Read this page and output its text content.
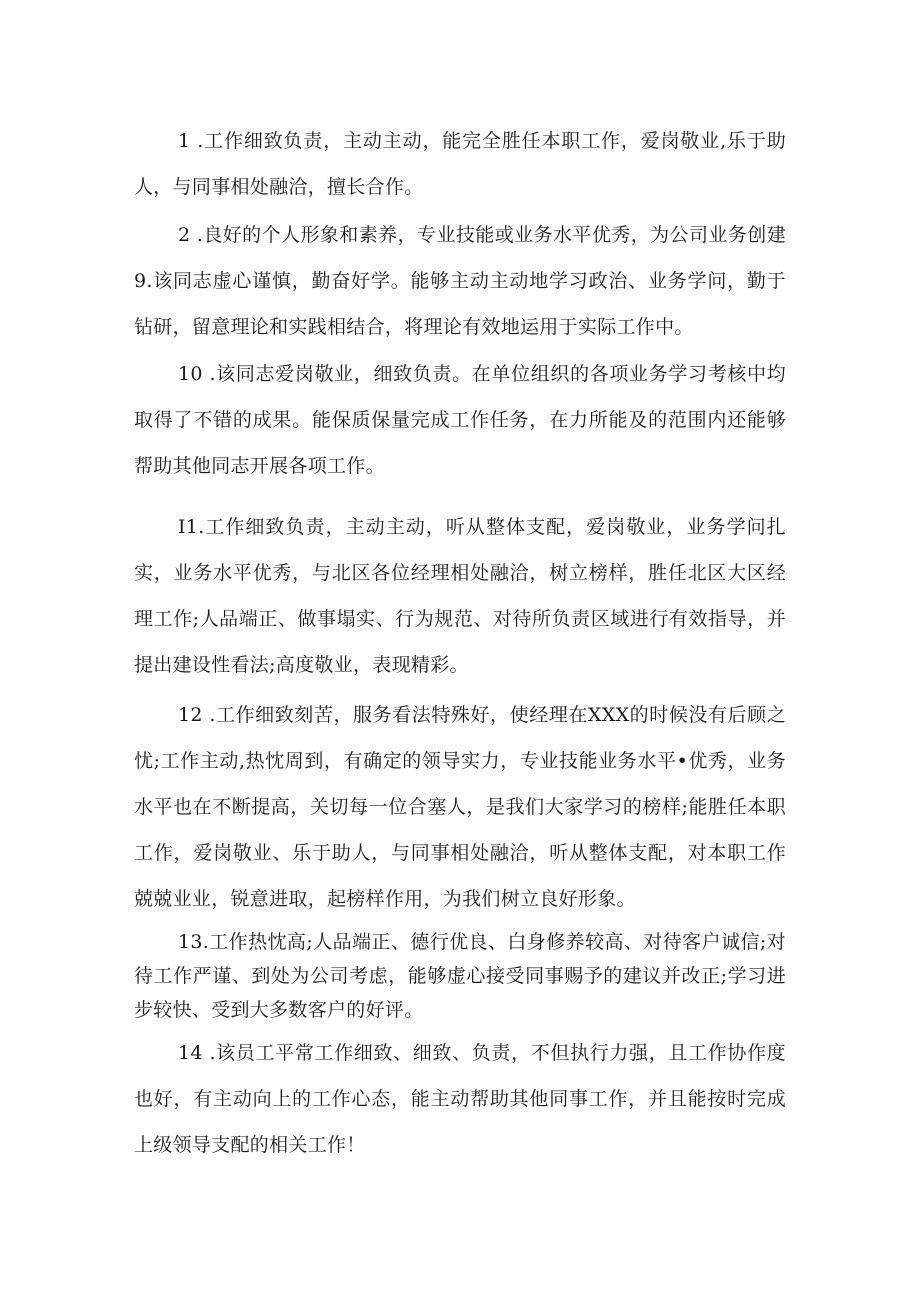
1 .工作细致负责，主动主动，能完全胜任本职工作，爱岗敬业,乐于助人，与同事相处融洽，擅长合作。

2 .良好的个人形象和素养，专业技能或业务水平优秀，为公司业务创建9.该同志虚心谨慎，勤奋好学。能够主动主动地学习政治、业务学问，勤于钻研，留意理论和实践相结合，将理论有效地运用于实际工作中。

10 .该同志爱岗敬业，细致负责。在单位组织的各项业务学习考核中均取得了不错的成果。能保质保量完成工作任务，在力所能及的范围内还能够帮助其他同志开展各项工作。

I1.工作细致负责，主动主动，听从整体支配，爱岗敬业，业务学问扎实，业务水平优秀，与北区各位经理相处融洽，树立榜样，胜任北区大区经理工作;人品端正、做事塌实、行为规范、对待所负责区域进行有效指导，并提出建设性看法;高度敬业，表现精彩。

12 .工作细致刻苦，服务看法特殊好，使经理在XXX的时候没有后顾之忧;工作主动,热忱周到，有确定的领导实力，专业技能业务水平•优秀，业务水平也在不断提高，关切每一位合塞人，是我们大家学习的榜样;能胜任本职工作，爱岗敬业、乐于助人，与同事相处融洽，听从整体支配，对本职工作兢兢业业，锐意进取，起榜样作用，为我们树立良好形象。

13.工作热忱高;人品端正、德行优良、白身修养较高、对待客户诚信;对待工作严谨、到处为公司考虑，能够虚心接受同事赐予的建议并改正;学习进步较快、受到大多数客户的好评。

14 .该员工平常工作细致、细致、负责，不但执行力强，且工作协作度也好，有主动向上的工作心态，能主动帮助其他同事工作，并且能按时完成上级领导支配的相关工作！
